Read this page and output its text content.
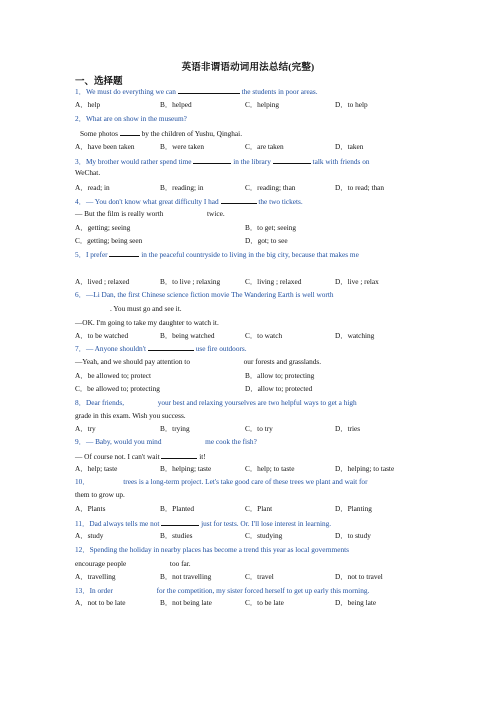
英语非谓语动词用法总结(完整)
一、选择题
1．We must do everything we can	the students in poor areas.
A．help	B．helped	C．helping	D．to help
2．What are on show in the museum?
Some photos	by the children of Yushu, Qinghai.
A．have been taken	B．were taken	C．are taken	D．taken
3．My brother would rather spend time	in the library	talk with friends on
WeChat.
A．read; in	B．reading; in	C．reading; than	D．to read; than
4．— You don't know what great difficulty I had	the two tickets.
— But the film is really worth	twice.
A．getting; seeing	B．to get; seeing
C．getting; being seen	D．got; to see
5．I prefer	in the peaceful countryside to living in the big city, because that makes me
A．lived ; relaxed	B．to live ; relaxing	C．living ; relaxed	D．live ; relax
6．—Li Dan, the first Chinese science fiction movie The Wandering Earth is well worth
. You must go and see it.
—OK. I'm going to take my daughter to watch it.
A．to be watched	B．being watched	C．to watch	D．watching
7．— Anyone shouldn't	use fire outdoors.
—Yeah, and we should pay attention to	our forests and grasslands.
A．be allowed to; protect	B．allow to; protecting
C．be allowed to; protecting	D．allow to; protected
8．Dear friends,	your best and relaxing yourselves are two helpful ways to get a high
grade in this exam. Wish you success.
A．try	B．trying	C．to try	D．tries
9．— Baby, would you mind	me cook the fish?
— Of course not. I can't wait	it!
A．help; taste	B．helping; taste	C．help; to taste	D．helping; to taste
10．	trees is a long-term project. Let's take good care of these trees we plant and wait for
them to grow up.
A．Plants	B．Planted	C．Plant	D．Planting
11．Dad always tells me not	just for tests. Or. I'll lose interest in learning.
A．study	B．studies	C．studying	D．to study
12．Spending the holiday in nearby places has become a trend this year as local governments
encourage people	too far.
A．travelling	B．not travelling	C．travel	D．not to travel
13．In order	for the competition, my sister forced herself to get up early this morning.
A．not to be late	B．not being late	C．to be late	D．being late
